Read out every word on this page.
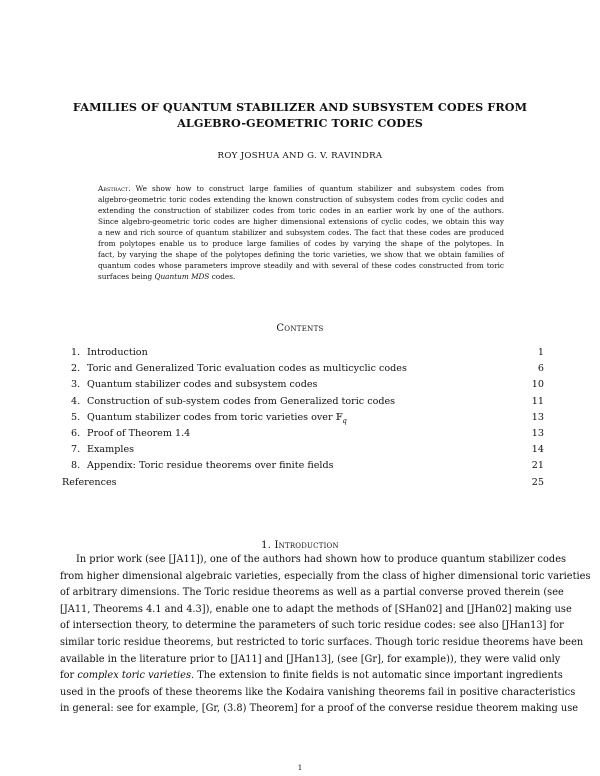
FAMILIES OF QUANTUM STABILIZER AND SUBSYSTEM CODES FROM
ALGEBRO-GEOMETRIC TORIC CODES
ROY JOSHUA AND G. V. RAVINDRA
Abstract. We show how to construct large families of quantum stabilizer and subsystem codes from
algebro-geometric toric codes extending the known construction of subsystem codes from cyclic codes and
extending the construction of stabilizer codes from toric codes in an earlier work by one of the authors.
Since algebro-geometric toric codes are higher dimensional extensions of cyclic codes, we obtain this way
a new and rich source of quantum stabilizer and subsystem codes. The fact that these codes are produced
from polytopes enable us to produce large families of codes by varying the shape of the polytopes. In
fact, by varying the shape of the polytopes defining the toric varieties, we show that we obtain families of
quantum codes whose parameters improve steadily and with several of these codes constructed from toric
surfaces being Quantum MDS codes.
Contents
1. Introduction	1
2. Toric and Generalized Toric evaluation codes as multicyclic codes	6
3. Quantum stabilizer codes and subsystem codes	10
4. Construction of sub-system codes from Generalized toric codes	11
5. Quantum stabilizer codes from toric varieties over 𝔽$_q$	13
6. Proof of Theorem 1.4	13
7. Examples	14
8. Appendix: Toric residue theorems over finite fields	21
References	25
1. Introduction
In prior work (see [JA11]), one of the authors had shown how to produce quantum stabilizer codes
from higher dimensional algebraic varieties, especially from the class of higher dimensional toric varieties
of arbitrary dimensions. The Toric residue theorems as well as a partial converse proved therein (see
[JA11, Theorems 4.1 and 4.3]), enable one to adapt the methods of [SHan02] and [JHan02] making use
of intersection theory, to determine the parameters of such toric residue codes: see also [JHan13] for
similar toric residue theorems, but restricted to toric surfaces. Though toric residue theorems have been
available in the literature prior to [JA11] and [JHan13], (see [Gr], for example)), they were valid only
for complex toric varieties. The extension to finite fields is not automatic since important ingredients
used in the proofs of these theorems like the Kodaira vanishing theorems fail in positive characteristics
in general: see for example, [Gr, (3.8) Theorem] for a proof of the converse residue theorem making use
1
